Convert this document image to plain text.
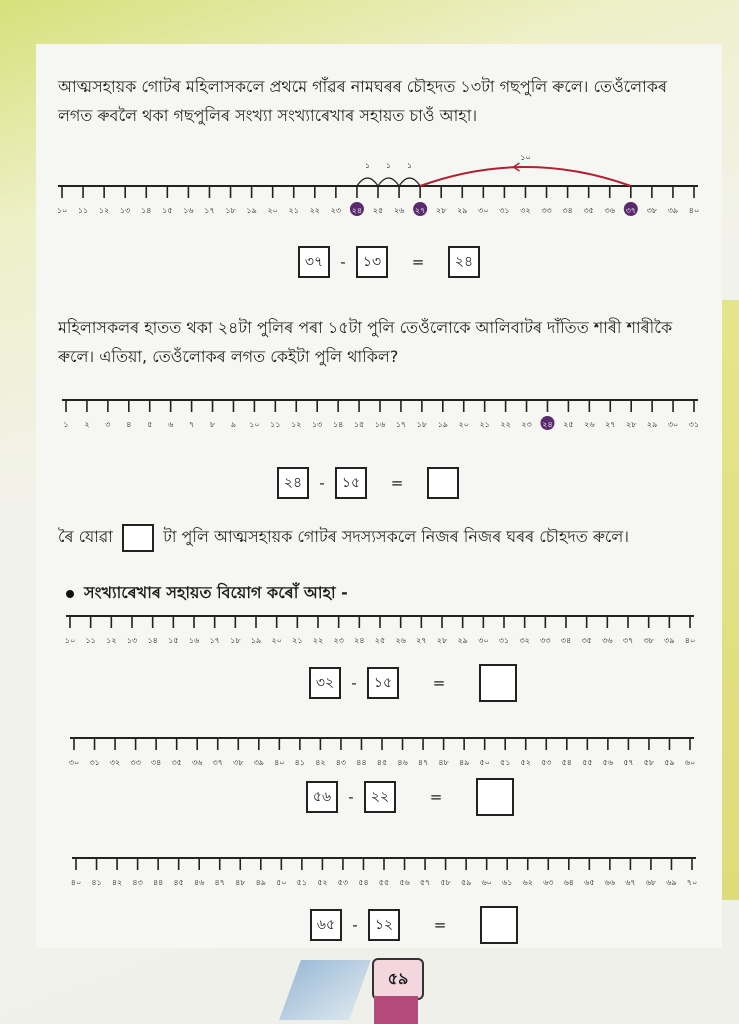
আত্মসহায়ক গোটৰ মহিলাসকলে প্ৰথমে গাঁৱৰ নামঘৰৰ চৌহদত ১৩টা গছপুলি ৰুলে। তেওঁলোকৰ লগত ৰুবলৈ থকা গছপুলিৰ সংখ্যা সংখ্যাৰেখাৰ সহায়ত চাওঁ আহা।
১০ ১১ ১২ ১৩ ১৪ ১৫ ১৬ ১৭ ১৮ ১৯ ২০ ২১ ২২ ২৩ ২৪ ২৫ ২৬ ২৭ ২৮ ২৯ ৩০ ৩১ ৩২ ৩৩ ৩৪ ৩৫ ৩৬ ৩৭ ৩৮ ৩৯ ৪০
১ ১ ১
১০
৩৭	-	১৩	=	২৪
মহিলাসকলৰ হাতত থকা ২৪টা পুলিৰ পৰা ১৫টা পুলি তেওঁলোকে আলিবাটৰ দাঁতিত শাৰী শাৰীকৈ ৰুলে। এতিয়া, তেওঁলোকৰ লগত কেইটা পুলি থাকিল?
১ ২ ৩ ৪ ৫ ৬ ৭ ৮ ৯ ১০ ১১ ১২ ১৩ ১৪ ১৫ ১৬ ১৭ ১৮ ১৯ ২০ ২১ ২২ ২৩ ২৪ ২৫ ২৬ ২৭ ২৮ ২৯ ৩০ ৩১
২৪	-	১৫	=
ৰৈ যোৱা	টা পুলি আত্মসহায়ক গোটৰ সদস্যসকলে নিজৰ নিজৰ ঘৰৰ চৌহদত ৰুলে।
সংখ্যাৰেখাৰ সহায়ত বিয়োগ কৰোঁ আহা -
১০ ১১ ১২ ১৩ ১৪ ১৫ ১৬ ১৭ ১৮ ১৯ ২০ ২১ ২২ ২৩ ২৪ ২৫ ২৬ ২৭ ২৮ ২৯ ৩০ ৩১ ৩২ ৩৩ ৩৪ ৩৫ ৩৬ ৩৭ ৩৮ ৩৯ ৪০
৩২	-	১৫	=
৩০ ৩১ ৩২ ৩৩ ৩৪ ৩৫ ৩৬ ৩৭ ৩৮ ৩৯ ৪০ ৪১ ৪২ ৪৩ ৪৪ ৪৫ ৪৬ ৪৭ ৪৮ ৪৯ ৫০ ৫১ ৫২ ৫৩ ৫৪ ৫৫ ৫৬ ৫৭ ৫৮ ৫৯ ৬০
৫৬	-	২২	=
৪০ ৪১ ৪২ ৪৩ ৪৪ ৪৫ ৪৬ ৪৭ ৪৮ ৪৯ ৫০ ৫১ ৫২ ৫৩ ৫৪ ৫৫ ৫৬ ৫৭ ৫৮ ৫৯ ৬০ ৬১ ৬২ ৬৩ ৬৪ ৬৫ ৬৬ ৬৭ ৬৮ ৬৯ ৭০
৬৫	-	১২	=
৫৯
